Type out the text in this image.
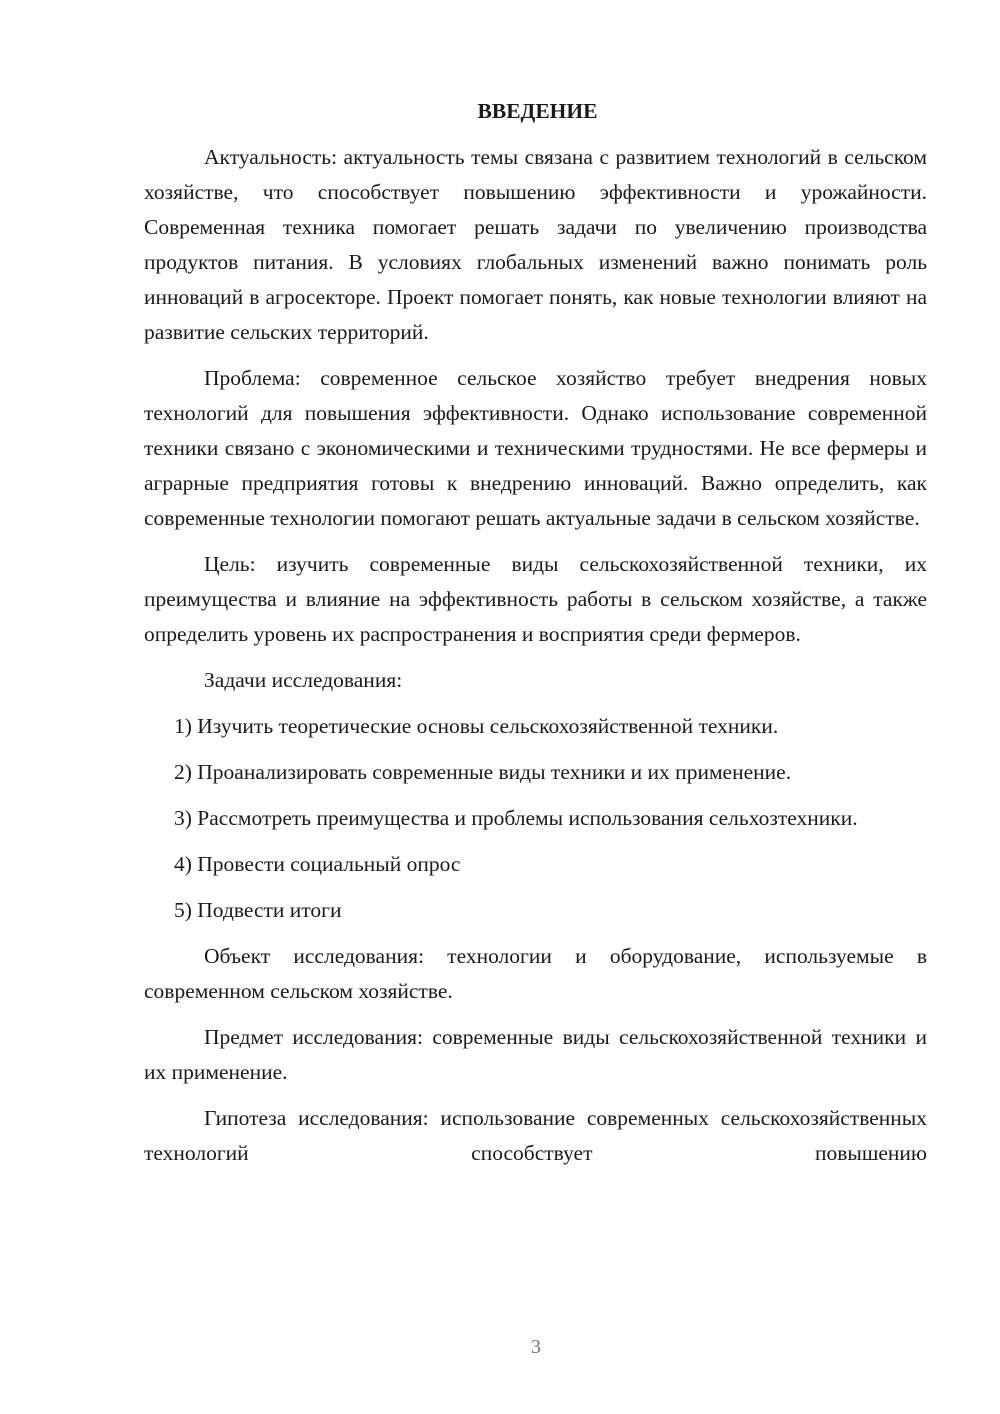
ВВЕДЕНИЕ

Актуальность: актуальность темы связана с развитием технологий в сельском хозяйстве, что способствует повышению эффективности и урожайности. Современная техника помогает решать задачи по увеличению производства продуктов питания. В условиях глобальных изменений важно понимать роль инноваций в агросекторе. Проект помогает понять, как новые технологии влияют на развитие сельских территорий.

Проблема: современное сельское хозяйство требует внедрения новых технологий для повышения эффективности. Однако использование современной техники связано с экономическими и техническими трудностями. Не все фермеры и аграрные предприятия готовы к внедрению инноваций. Важно определить, как современные технологии помогают решать актуальные задачи в сельском хозяйстве.

Цель: изучить современные виды сельскохозяйственной техники, их преимущества и влияние на эффективность работы в сельском хозяйстве, а также определить уровень их распространения и восприятия среди фермеров.

Задачи исследования:

1) Изучить теоретические основы сельскохозяйственной техники.

2) Проанализировать современные виды техники и их применение.

3) Рассмотреть преимущества и проблемы использования сельхозтехники.

4) Провести социальный опрос

5) Подвести итоги

Объект исследования: технологии и оборудование, используемые в современном сельском хозяйстве.

Предмет исследования: современные виды сельскохозяйственной техники и их применение.

Гипотеза исследования: использование современных сельскохозяйственных технологий способствует повышению

3
